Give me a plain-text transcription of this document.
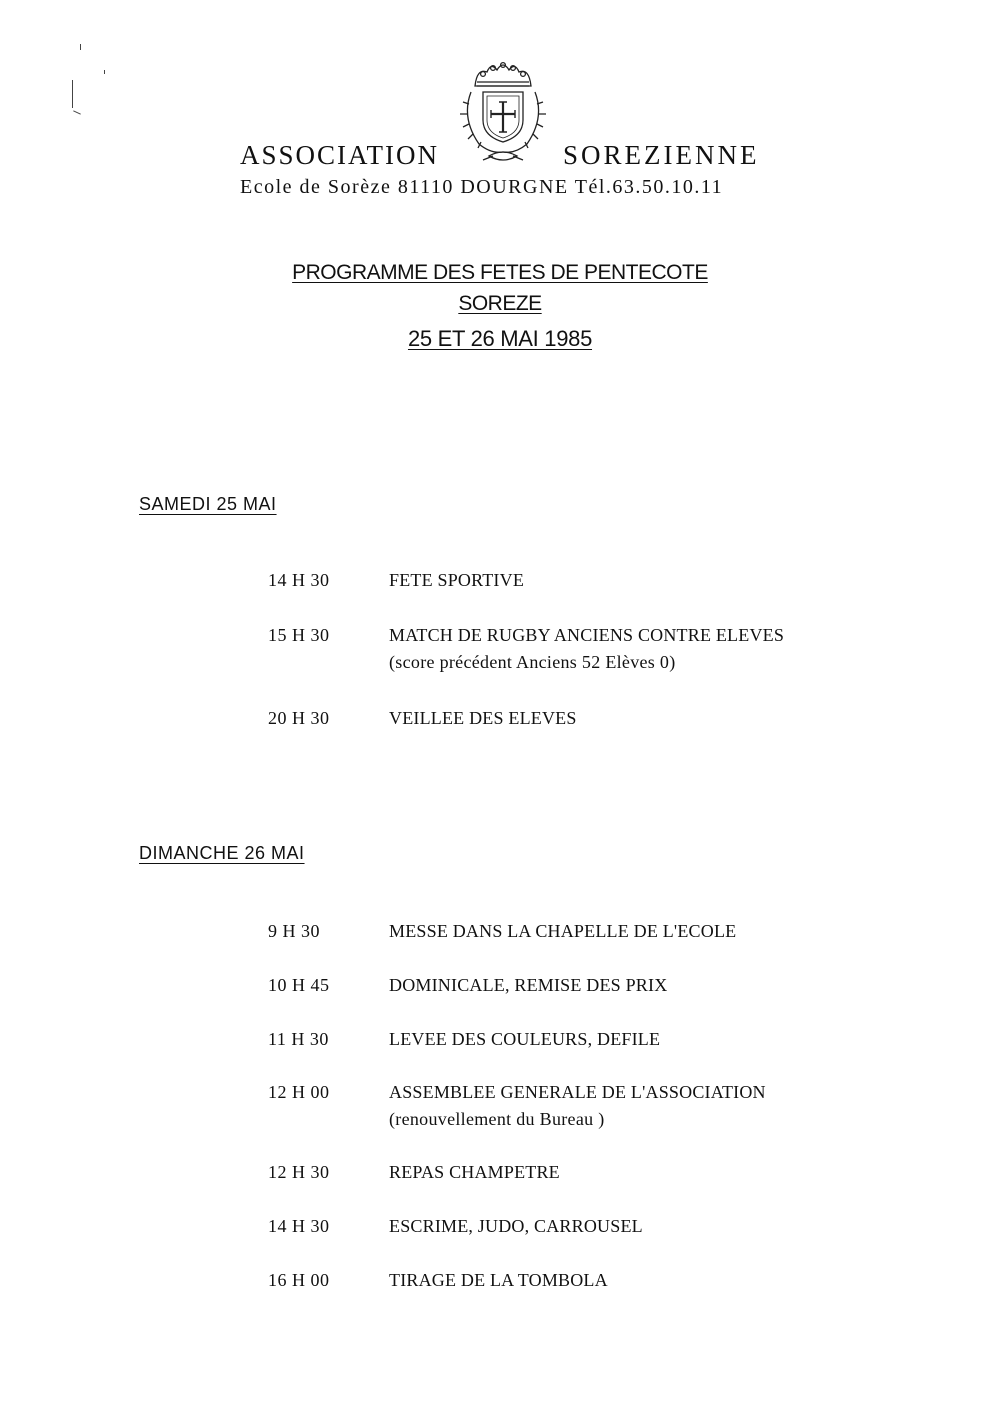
ASSOCIATION	SOREZIENNE
Ecole de Sorèze 81110 DOURGNE Tél.63.50.10.11
PROGRAMME DES FETES DE PENTECOTE
SOREZE
25 ET 26 MAI 1985
SAMEDI 25 MAI
14 H 30	FETE SPORTIVE
15 H 30	MATCH DE RUGBY ANCIENS CONTRE ELEVES
(score précédent Anciens 52 Elèves 0)
20 H 30	VEILLEE DES ELEVES
DIMANCHE 26 MAI
9 H 30	MESSE DANS LA CHAPELLE DE L'ECOLE
10 H 45	DOMINICALE, REMISE DES PRIX
11 H 30	LEVEE DES COULEURS, DEFILE
12 H 00	ASSEMBLEE GENERALE DE L'ASSOCIATION
(renouvellement du Bureau )
12 H 30	REPAS CHAMPETRE
14 H 30	ESCRIME, JUDO, CARROUSEL
16 H 00	TIRAGE DE LA TOMBOLA
